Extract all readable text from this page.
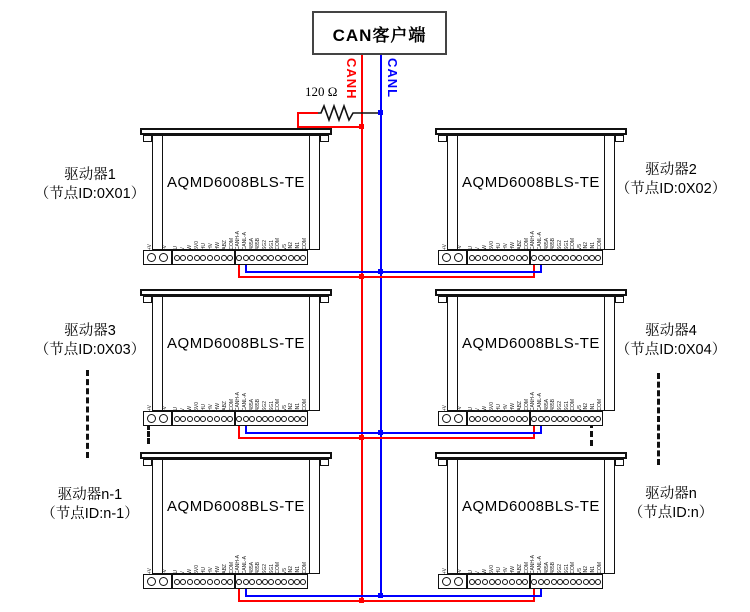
CAN客户端
CANH CANL
120 Ω
AQMD6008BLS-TE
+V -V U V W 5V0 HU HV HW ABZ COM CANH-A CANL-A 485A 485B SG2 SG1 COM V5 IN2 IN1 COM
AQMD6008BLS-TE
+V -V U V W 5V0 HU HV HW ABZ COM CANH-A CANL-A 485A 485B SG2 SG1 COM V5 IN2 IN1 COM
AQMD6008BLS-TE
+V -V U V W 5V0 HU HV HW ABZ COM CANH-A CANL-A 485A 485B SG2 SG1 COM V5 IN2 IN1 COM
AQMD6008BLS-TE
+V -V U V W 5V0 HU HV HW ABZ COM CANH-A CANL-A 485A 485B SG2 SG1 COM V5 IN2 IN1 COM
AQMD6008BLS-TE
+V -V U V W 5V0 HU HV HW ABZ COM CANH-A CANL-A 485A 485B SG2 SG1 COM V5 IN2 IN1 COM
AQMD6008BLS-TE
+V -V U V W 5V0 HU HV HW ABZ COM CANH-A CANL-A 485A 485B SG2 SG1 COM V5 IN2 IN1 COM
驱动器1
（节点ID:0X01）
驱动器2
（节点ID:0X02）
驱动器3
（节点ID:0X03）
驱动器4
（节点ID:0X04）
驱动器n-1
（节点ID:n-1）
驱动器n
（节点ID:n）
